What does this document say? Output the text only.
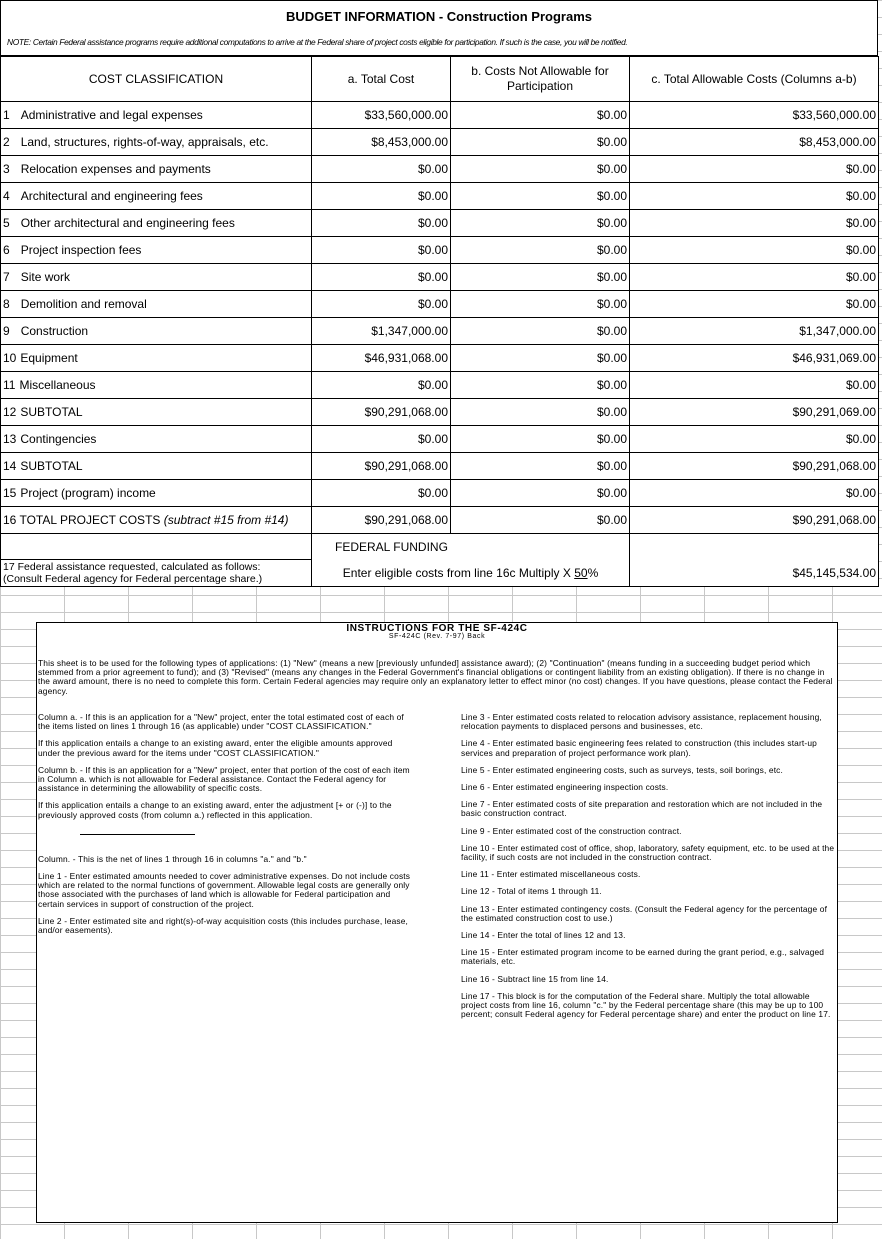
BUDGET INFORMATION - Construction Programs
NOTE: Certain Federal assistance programs require additional computations to arrive at the Federal share of project costs eligible for participation. If such is the case, you will be notified.
COST CLASSIFICATION	a. Total Cost	b. Costs Not Allowable for Participation	c. Total Allowable Costs (Columns a-b)
1 Administrative and legal expenses	$33,560,000.00	$0.00	$33,560,000.00
2 Land, structures, rights-of-way, appraisals, etc.	$8,453,000.00	$0.00	$8,453,000.00
3 Relocation expenses and payments	$0.00	$0.00	$0.00
4 Architectural and engineering fees	$0.00	$0.00	$0.00
5 Other architectural and engineering fees	$0.00	$0.00	$0.00
6 Project inspection fees	$0.00	$0.00	$0.00
7 Site work	$0.00	$0.00	$0.00
8 Demolition and removal	$0.00	$0.00	$0.00
9 Construction	$1,347,000.00	$0.00	$1,347,000.00
10 Equipment	$46,931,068.00	$0.00	$46,931,069.00
11 Miscellaneous	$0.00	$0.00	$0.00
12 SUBTOTAL	$90,291,068.00	$0.00	$90,291,069.00
13 Contingencies	$0.00	$0.00	$0.00
14 SUBTOTAL	$90,291,068.00	$0.00	$90,291,068.00
15 Project (program) income	$0.00	$0.00	$0.00
16 TOTAL PROJECT COSTS (subtract #15 from #14)	$90,291,068.00	$0.00	$90,291,068.00
	FEDERAL FUNDING		

17 Federal assistance requested, calculated as follows:
(Consult Federal agency for Federal percentage share.)	Enter eligible costs from line 16c Multiply X 50%		$45,145,534.00
INSTRUCTIONS FOR THE SF-424C
SF-424C (Rev. 7-97) Back

This sheet is to be used for the following types of applications: (1) "New" (means a new [previously unfunded] assistance award); (2) "Continuation" (means funding in a succeeding budget period which stemmed from a prior agreement to fund); and (3) "Revised" (means any changes in the Federal Government's financial obligations or contingent liability from an existing obligation). If there is no change in the award amount, there is no need to complete this form. Certain Federal agencies may require only an explanatory letter to effect minor (no cost) changes. If you have questions, please contact the Federal agency.

Column a. - If this is an application for a "New" project, enter the total estimated cost of each of the items listed on lines 1 through 16 (as applicable) under "COST CLASSIFICATION."

If this application entails a change to an existing award, enter the eligible amounts approved under the previous award for the items under "COST CLASSIFICATION."

Column b. - If this is an application for a "New" project, enter that portion of the cost of each item in Column a. which is not allowable for Federal assistance. Contact the Federal agency for assistance in determining the allowability of specific costs.

If this application entails a change to an existing award, enter the adjustment [+ or (-)] to the previously approved costs (from column a.) reflected in this application.

Column. - This is the net of lines 1 through 16 in columns "a." and "b."

Line 1 - Enter estimated amounts needed to cover administrative expenses. Do not include costs which are related to the normal functions of government. Allowable legal costs are generally only those associated with the purchases of land which is allowable for Federal participation and certain services in support of construction of the project.

Line 2 - Enter estimated site and right(s)-of-way acquisition costs (this includes purchase, lease, and/or easements).

Line 3 - Enter estimated costs related to relocation advisory assistance, replacement housing, relocation payments to displaced persons and businesses, etc.

Line 4 - Enter estimated basic engineering fees related to construction (this includes start-up services and preparation of project performance work plan).

Line 5 - Enter estimated engineering costs, such as surveys, tests, soil borings, etc.

Line 6 - Enter estimated engineering inspection costs.

Line 7 - Enter estimated costs of site preparation and restoration which are not included in the basic construction contract.

Line 9 - Enter estimated cost of the construction contract.

Line 10 - Enter estimated cost of office, shop, laboratory, safety equipment, etc. to be used at the facility, if such costs are not included in the construction contract.

Line 11 - Enter estimated miscellaneous costs.

Line 12 - Total of items 1 through 11.

Line 13 - Enter estimated contingency costs. (Consult the Federal agency for the percentage of the estimated construction cost to use.)

Line 14 - Enter the total of lines 12 and 13.

Line 15 - Enter estimated program income to be earned during the grant period, e.g., salvaged materials, etc.

Line 16 - Subtract line 15 from line 14.

Line 17 - This block is for the computation of the Federal share. Multiply the total allowable project costs from line 16, column "c." by the Federal percentage share (this may be up to 100 percent; consult Federal agency for Federal percentage share) and enter the product on line 17.
